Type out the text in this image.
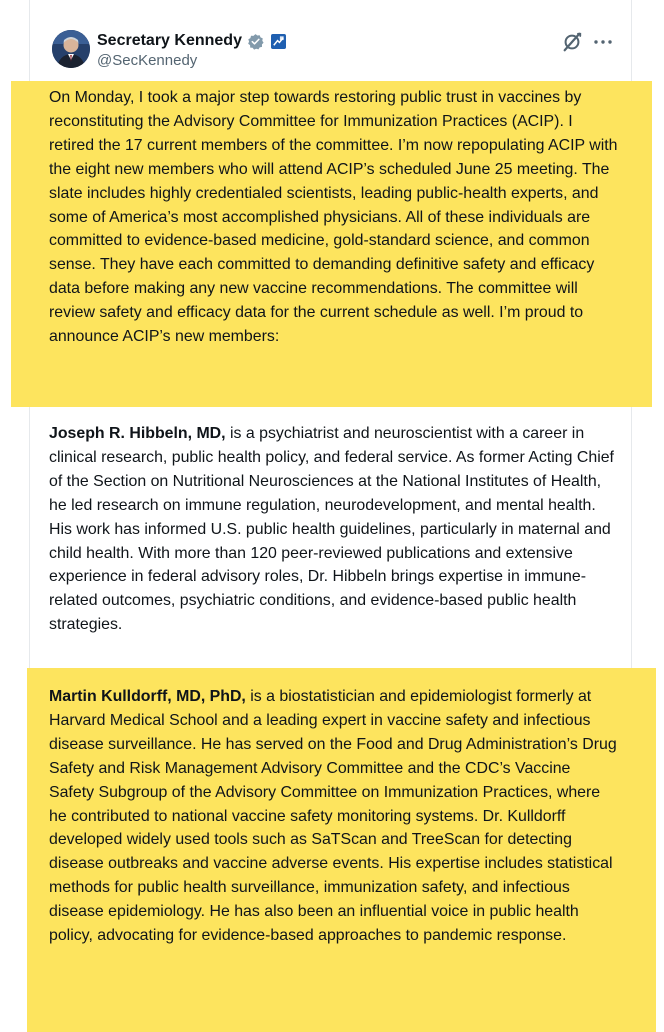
Secretary Kennedy
@SecKennedy

On Monday, I took a major step towards restoring public trust in vaccines by reconstituting the Advisory Committee for Immunization Practices (ACIP). I retired the 17 current members of the committee. I’m now repopulating ACIP with the eight new members who will attend ACIP’s scheduled June 25 meeting. The slate includes highly credentialed scientists, leading public-health experts, and some of America’s most accomplished physicians. All of these individuals are committed to evidence-based medicine, gold-standard science, and common sense. They have each committed to demanding definitive safety and efficacy data before making any new vaccine recommendations. The committee will review safety and efficacy data for the current schedule as well. I’m proud to announce ACIP’s new members:

Joseph R. Hibbeln, MD, is a psychiatrist and neuroscientist with a career in clinical research, public health policy, and federal service. As former Acting Chief of the Section on Nutritional Neurosciences at the National Institutes of Health, he led research on immune regulation, neurodevelopment, and mental health. His work has informed U.S. public health guidelines, particularly in maternal and child health. With more than 120 peer-reviewed publications and extensive experience in federal advisory roles, Dr. Hibbeln brings expertise in immune-related outcomes, psychiatric conditions, and evidence-based public health strategies.

Martin Kulldorff, MD, PhD, is a biostatistician and epidemiologist formerly at Harvard Medical School and a leading expert in vaccine safety and infectious disease surveillance. He has served on the Food and Drug Administration’s Drug Safety and Risk Management Advisory Committee and the CDC’s Vaccine Safety Subgroup of the Advisory Committee on Immunization Practices, where he contributed to national vaccine safety monitoring systems. Dr. Kulldorff developed widely used tools such as SaTScan and TreeScan for detecting disease outbreaks and vaccine adverse events. His expertise includes statistical methods for public health surveillance, immunization safety, and infectious disease epidemiology. He has also been an influential voice in public health policy, advocating for evidence-based approaches to pandemic response.
